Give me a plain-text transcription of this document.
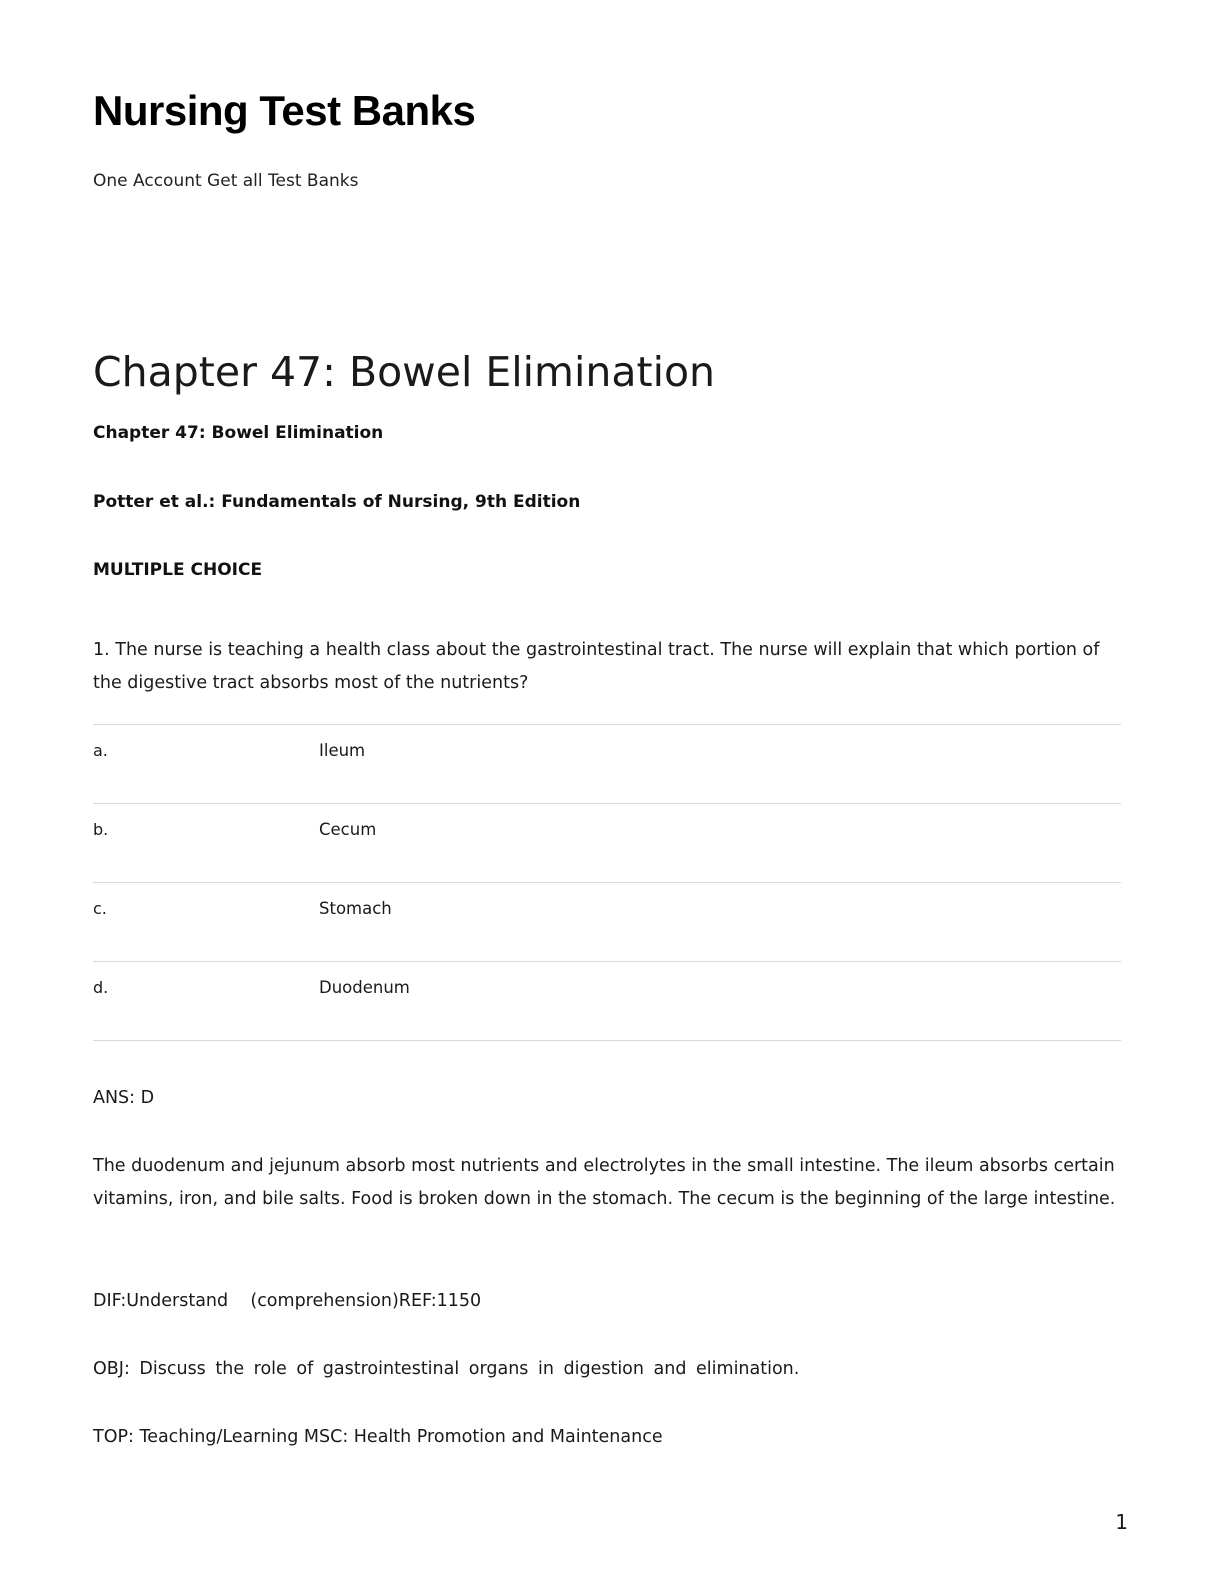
Nursing Test Banks

One Account Get all Test Banks

Chapter 47: Bowel Elimination

Chapter 47: Bowel Elimination

Potter et al.: Fundamentals of Nursing, 9th Edition

MULTIPLE CHOICE

1. The nurse is teaching a health class about the gastrointestinal tract. The nurse will explain that which portion of the digestive tract absorbs most of the nutrients?

a.	Ileum
b.	Cecum
c.	Stomach
d.	Duodenum

ANS: D

The duodenum and jejunum absorb most nutrients and electrolytes in the small intestine. The ileum absorbs certain vitamins, iron, and bile salts. Food is broken down in the stomach. The cecum is the beginning of the large intestine.

DIF:Understand    (comprehension)REF:1150

OBJ: Discuss the role of gastrointestinal organs in digestion and elimination.

TOP: Teaching/Learning MSC: Health Promotion and Maintenance

1
